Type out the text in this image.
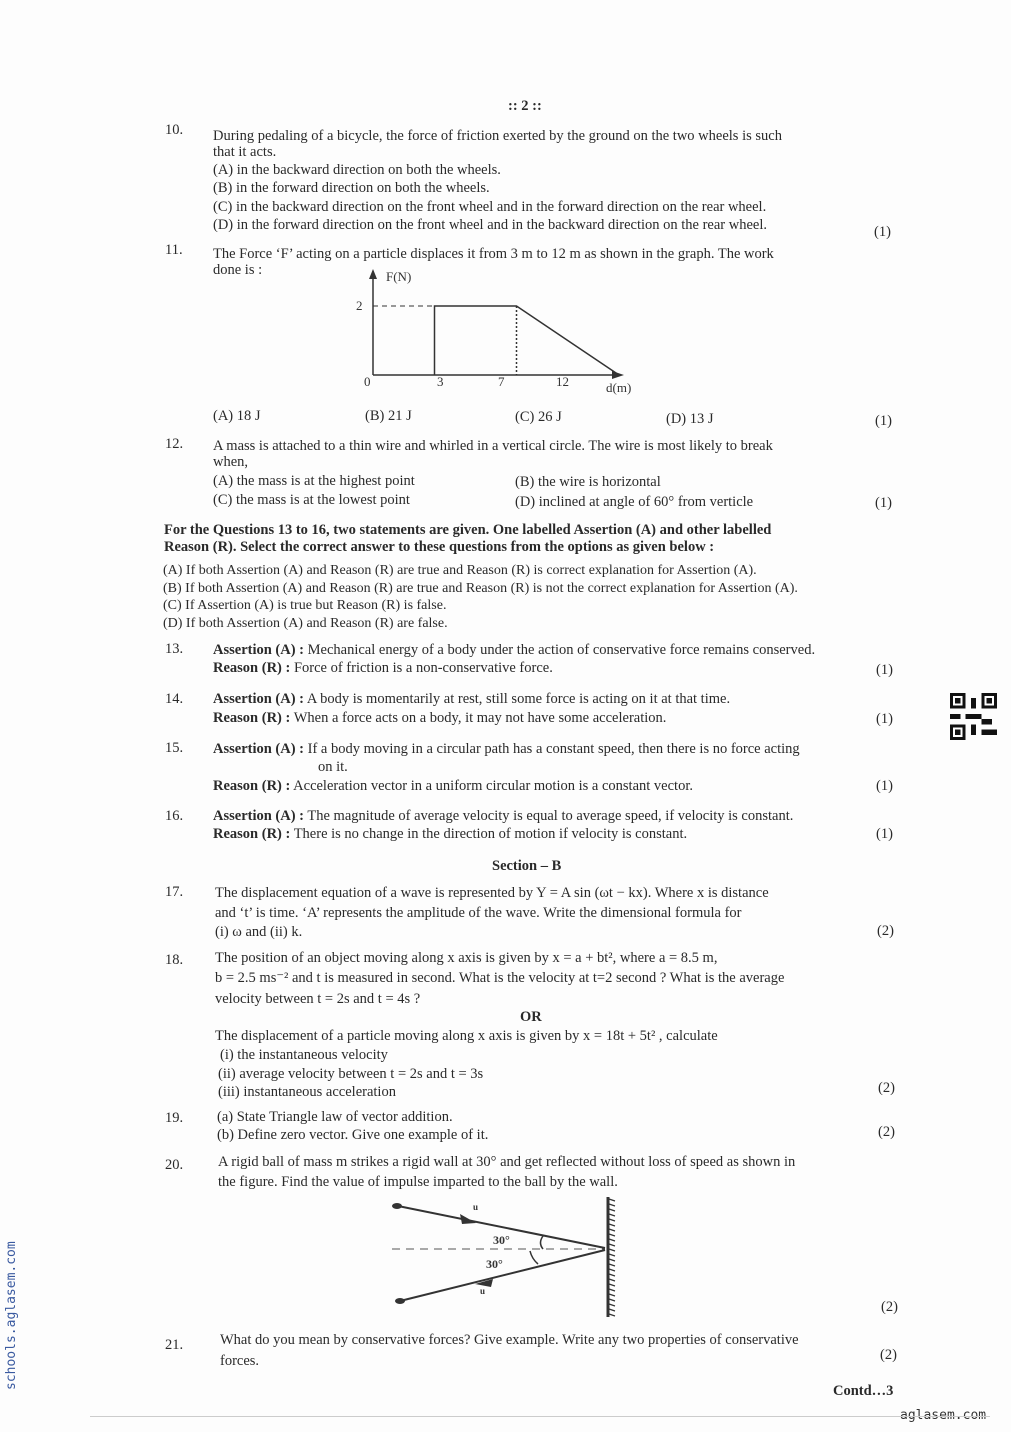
:: 2 ::
10. During pedaling of a bicycle, the force of friction exerted by the ground on the two wheels is such
that it acts.
(A) in the backward direction on both the wheels.
(B) in the forward direction on both the wheels.
(C) in the backward direction on the front wheel and in the forward direction on the rear wheel.
(D) in the forward direction on the front wheel and in the backward direction on the rear wheel.	(1)
11. The Force ‘F’ acting on a particle displaces it from 3 m to 12 m as shown in the graph. The work
done is :	F(N)
2
0	3	7	12	d(m)
(A) 18 J	(B) 21 J	(C) 26 J	(D) 13 J	(1)
12. A mass is attached to a thin wire and whirled in a vertical circle. The wire is most likely to break
when,
(A) the mass is at the highest point	(B) the wire is horizontal
(C) the mass is at the lowest point	(D) inclined at angle of 60° from verticle	(1)
For the Questions 13 to 16, two statements are given. One labelled Assertion (A) and other labelled
Reason (R). Select the correct answer to these questions from the options as given below :
(A) If both Assertion (A) and Reason (R) are true and Reason (R) is correct explanation for Assertion (A).
(B) If both Assertion (A) and Reason (R) are true and Reason (R) is not the correct explanation for Assertion (A).
(C) If Assertion (A) is true but Reason (R) is false.
(D) If both Assertion (A) and Reason (R) are false.
13. Assertion (A) : Mechanical energy of a body under the action of conservative force remains conserved.
Reason (R) : Force of friction is a non-conservative force.	(1)
14. Assertion (A) : A body is momentarily at rest, still some force is acting on it at that time.
Reason (R) : When a force acts on a body, it may not have some acceleration.	(1)
15. Assertion (A) : If a body moving in a circular path has a constant speed, then there is no force acting
on it.
Reason (R) : Acceleration vector in a uniform circular motion is a constant vector.	(1)
16. Assertion (A) : The magnitude of average velocity is equal to average speed, if velocity is constant.
Reason (R) : There is no change in the direction of motion if velocity is constant.	(1)
Section – B
17. The displacement equation of a wave is represented by Y = A sin (ωt − kx). Where x is distance
and ‘t’ is time. ‘A’ represents the amplitude of the wave. Write the dimensional formula for
(i) ω and (ii) k.	(2)
18. The position of an object moving along x axis is given by x = a + bt², where a = 8.5 m,
b = 2.5 ms⁻² and t is measured in second. What is the velocity at t=2 second ? What is the average
velocity between t = 2s and t = 4s ?
OR
The displacement of a particle moving along x axis is given by x = 18t + 5t² , calculate
(i) the instantaneous velocity
(ii) average velocity between t = 2s and t = 3s
(iii) instantaneous acceleration	(2)
19. (a) State Triangle law of vector addition.
(b) Define zero vector. Give one example of it.	(2)
20. A rigid ball of mass m strikes a rigid wall at 30° and get reflected without loss of speed as shown in
the figure. Find the value of impulse imparted to the ball by the wall.
u
u
30°
30°
(2)
21.	What do you mean by conservative forces? Give example. Write any two properties of conservative
forces.	(2)
Contd…3
schools.aglasem.com
aglasem.com
